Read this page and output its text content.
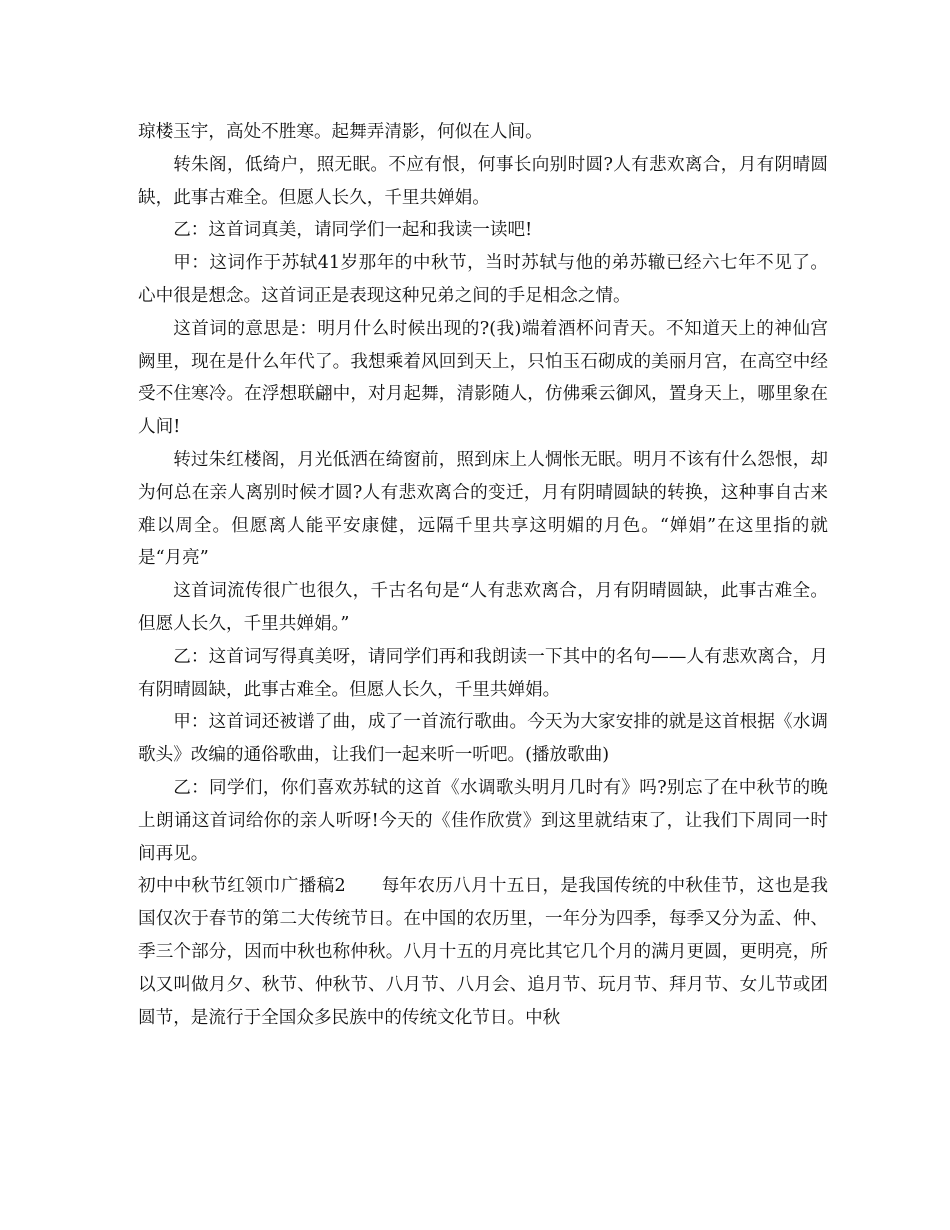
琼楼玉宇，高处不胜寒。起舞弄清影，何似在人间。

转朱阁，低绮户，照无眠。不应有恨，何事长向别时圆?人有悲欢离合，月有阴晴圆缺，此事古难全。但愿人长久，千里共婵娟。

乙：这首词真美，请同学们一起和我读一读吧!

甲：这词作于苏轼41岁那年的中秋节，当时苏轼与他的弟苏辙已经六七年不见了。心中很是想念。这首词正是表现这种兄弟之间的手足相念之情。

这首词的意思是：明月什么时候出现的?(我)端着酒杯问青天。不知道天上的神仙宫阙里，现在是什么年代了。我想乘着风回到天上，只怕玉石砌成的美丽月宫，在高空中经受不住寒冷。在浮想联翩中，对月起舞，清影随人，仿佛乘云御风，置身天上，哪里象在人间!

转过朱红楼阁，月光低洒在绮窗前，照到床上人惆怅无眠。明月不该有什么怨恨，却为何总在亲人离别时候才圆?人有悲欢离合的变迁，月有阴晴圆缺的转换，这种事自古来难以周全。但愿离人能平安康健，远隔千里共享这明媚的月色。“婵娟”在这里指的就是“月亮”

这首词流传很广也很久，千古名句是“人有悲欢离合，月有阴晴圆缺，此事古难全。但愿人长久，千里共婵娟。”

乙：这首词写得真美呀，请同学们再和我朗读一下其中的名句——人有悲欢离合，月有阴晴圆缺，此事古难全。但愿人长久，千里共婵娟。

甲：这首词还被谱了曲，成了一首流行歌曲。今天为大家安排的就是这首根据《水调歌头》改编的通俗歌曲，让我们一起来听一听吧。(播放歌曲)

乙：同学们，你们喜欢苏轼的这首《水调歌头明月几时有》吗?别忘了在中秋节的晚上朗诵这首词给你的亲人听呀!今天的《佳作欣赏》到这里就结束了，让我们下周同一时间再见。

初中中秋节红领巾广播稿2　　 每年农历八月十五日，是我国传统的中秋佳节，这也是我国仅次于春节的第二大传统节日。在中国的农历里，一年分为四季，每季又分为孟、仲、季三个部分，因而中秋也称仲秋。八月十五的月亮比其它几个月的满月更圆，更明亮，所以又叫做月夕、秋节、仲秋节、八月节、八月会、追月节、玩月节、拜月节、女儿节或团圆节，是流行于全国众多民族中的传统文化节日。中秋
